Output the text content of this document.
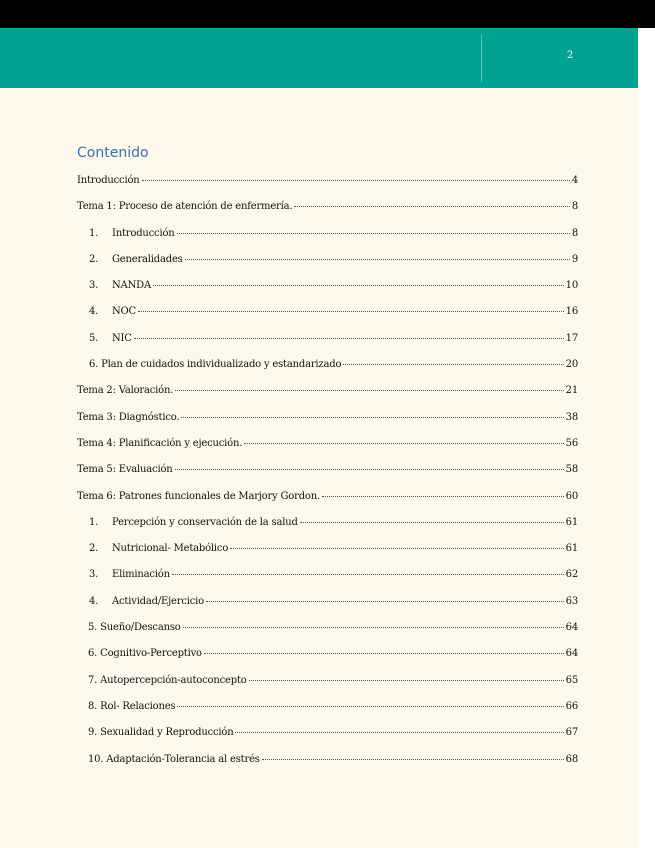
2
Contenido
Introducción	4
Tema 1: Proceso de atención de enfermería.	8
1.	Introducción	8
2.	Generalidades	9
3.	NANDA	10
4.	NOC	16
5.	NIC	17
6. Plan de cuidados individualizado y estandarizado	20
Tema 2: Valoración.	21
Tema 3: Diagnóstico.	38
Tema 4: Planificación y ejecución.	56
Tema 5: Evaluación	58
Tema 6: Patrones funcionales de Marjory Gordon.	60
1.	Percepción y conservación de la salud	61
2.	Nutricional- Metabólico	61
3.	Eliminación	62
4.	Actividad/Ejercicio	63
5. Sueño/Descanso	64
6. Cognitivo-Perceptivo	64
7. Autopercepción-autoconcepto	65
8. Rol- Relaciones	66
9. Sexualidad y Reproducción	67
10. Adaptación-Tolerancia al estrés	68
